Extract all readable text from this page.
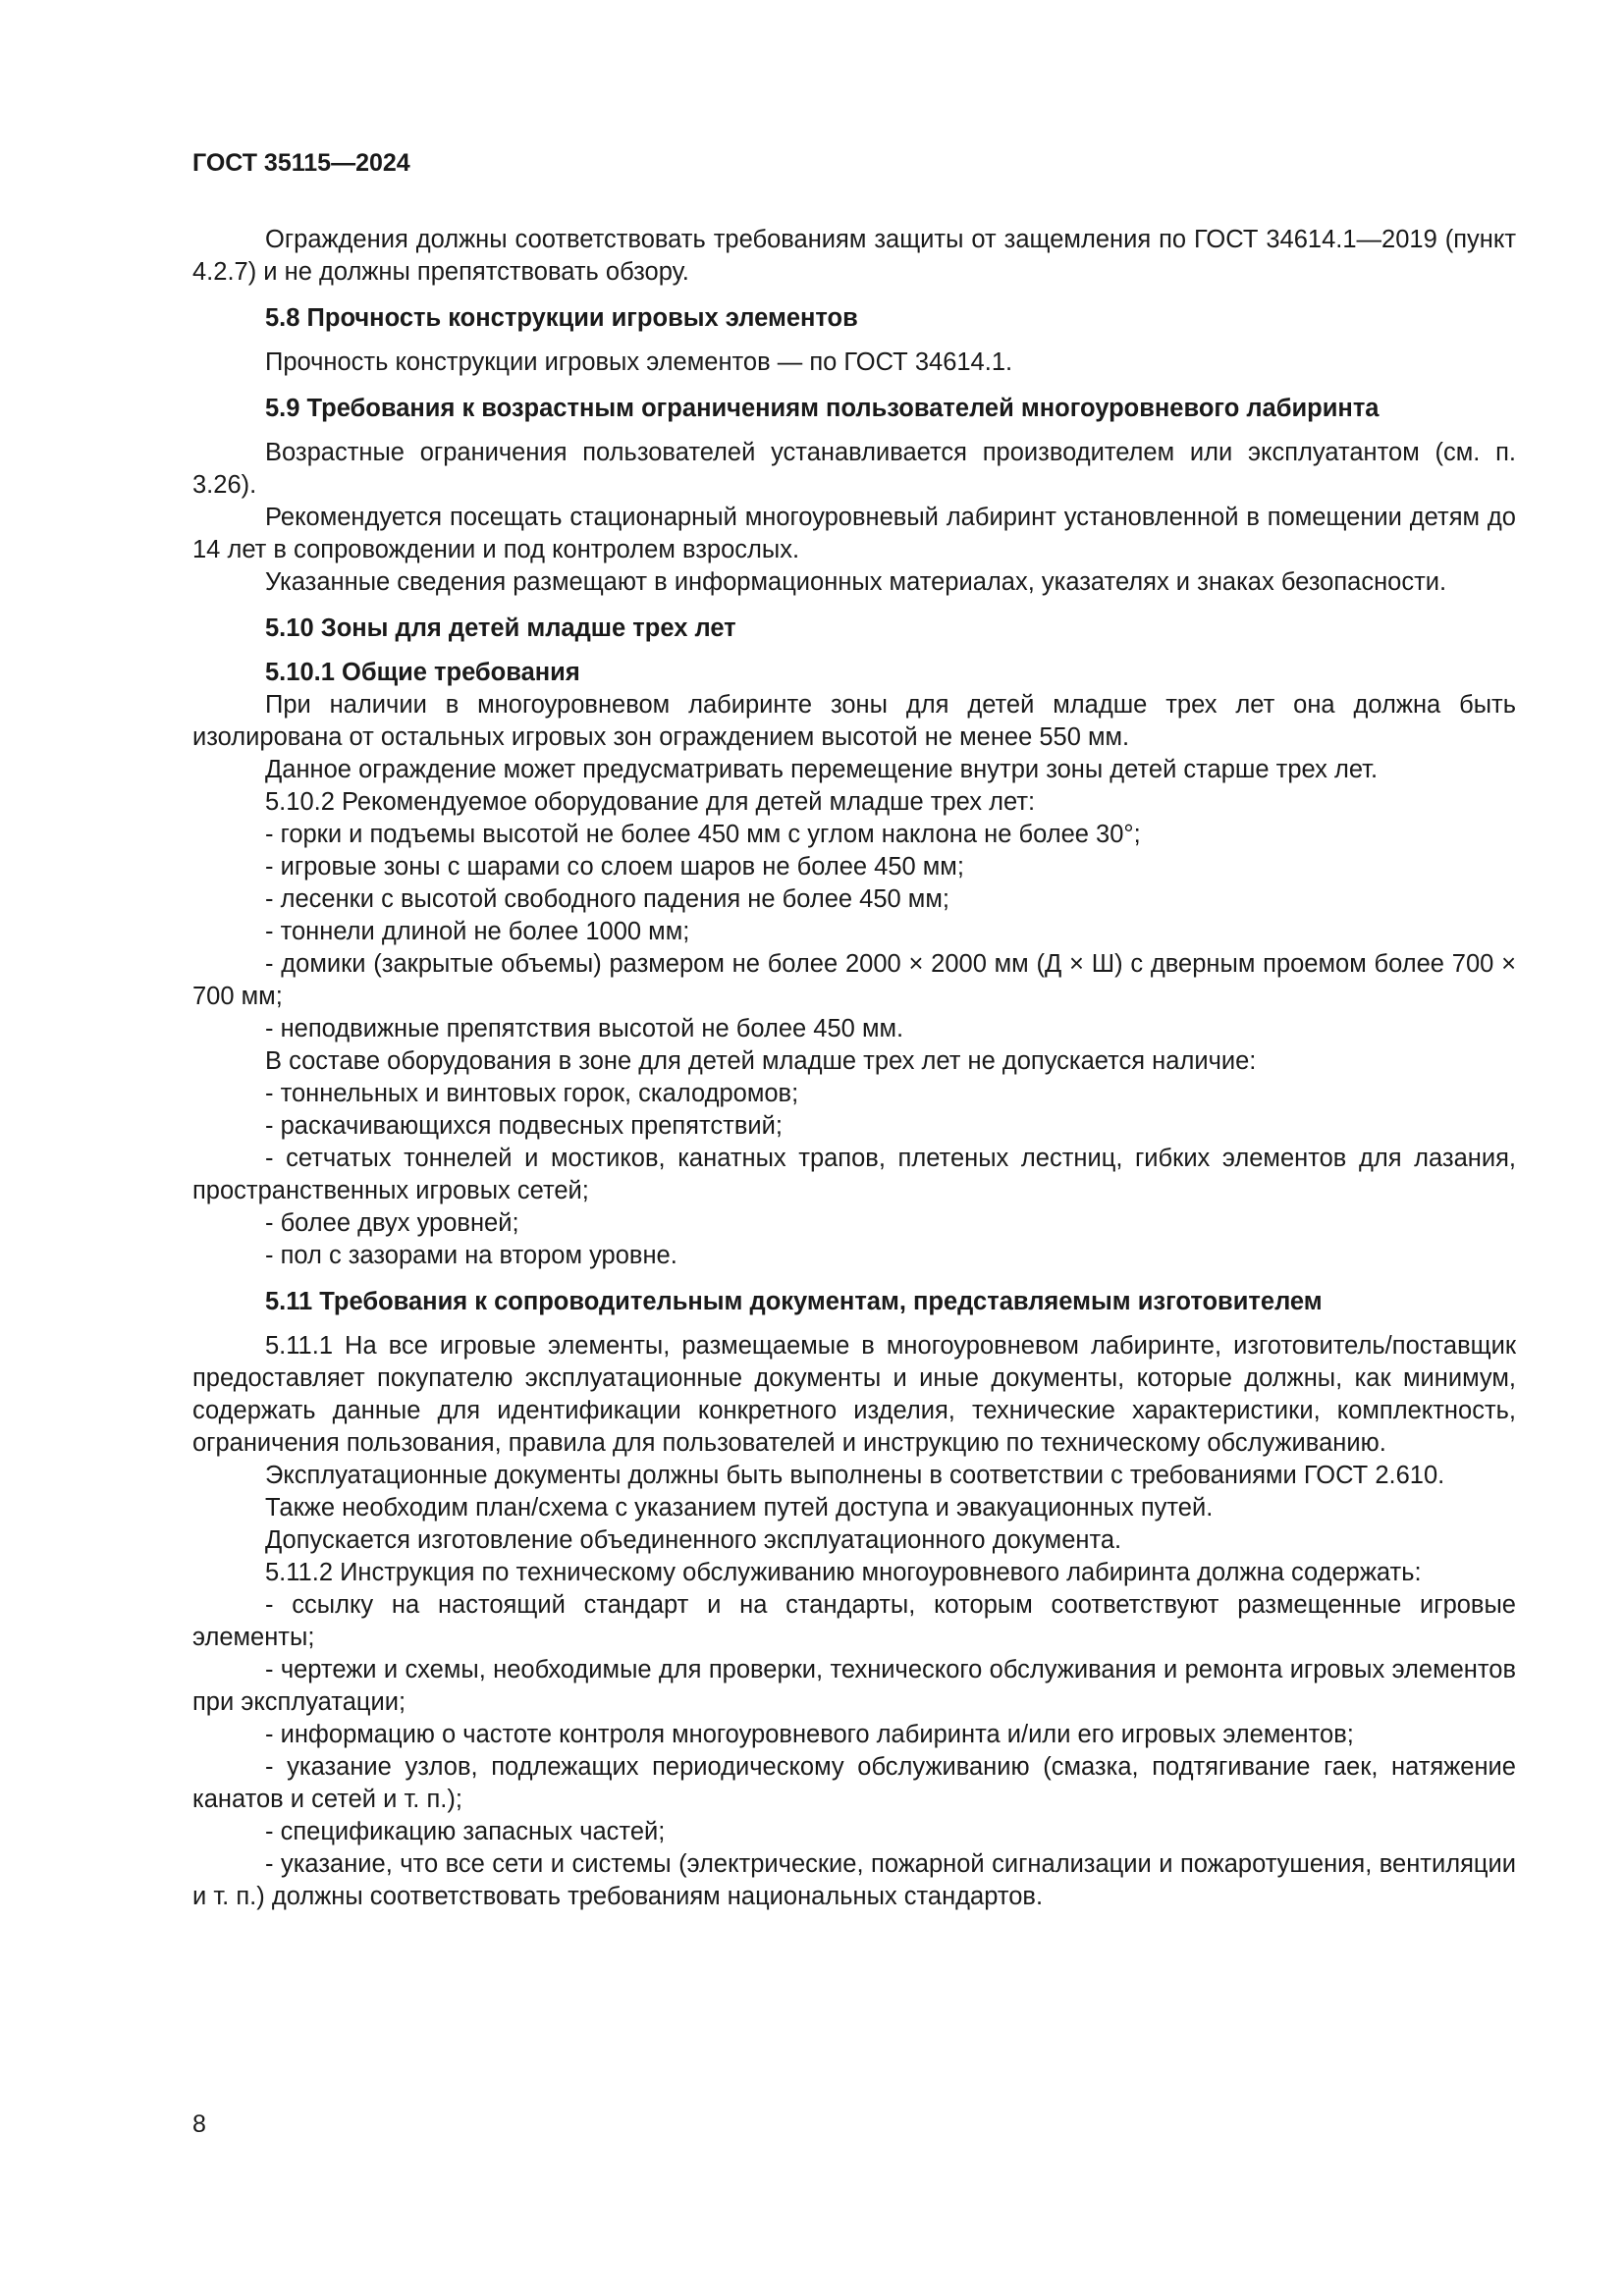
ГОСТ 35115—2024

Ограждения должны соответствовать требованиям защиты от защемления по ГОСТ 34614.1—2019 (пункт 4.2.7) и не должны препятствовать обзору.

5.8 Прочность конструкции игровых элементов

Прочность конструкции игровых элементов — по ГОСТ 34614.1.

5.9 Требования к возрастным ограничениям пользователей многоуровневого лабиринта

Возрастные ограничения пользователей устанавливается производителем или эксплуатантом (см. п. 3.26).

Рекомендуется посещать стационарный многоуровневый лабиринт установленной в помещении детям до 14 лет в сопровождении и под контролем взрослых.

Указанные сведения размещают в информационных материалах, указателях и знаках безопасности.

5.10 Зоны для детей младше трех лет
5.10.1 Общие требования

При наличии в многоуровневом лабиринте зоны для детей младше трех лет она должна быть изолирована от остальных игровых зон ограждением высотой не менее 550 мм.

Данное ограждение может предусматривать перемещение внутри зоны детей старше трех лет.

5.10.2 Рекомендуемое оборудование для детей младше трех лет:

- горки и подъемы высотой не более 450 мм с углом наклона не более 30°;

- игровые зоны с шарами со слоем шаров не более 450 мм;

- лесенки с высотой свободного падения не более 450 мм;

- тоннели длиной не более 1000 мм;

- домики (закрытые объемы) размером не более 2000 × 2000 мм (Д × Ш) с дверным проемом более 700 × 700 мм;

- неподвижные препятствия высотой не более 450 мм.

В составе оборудования в зоне для детей младше трех лет не допускается наличие:

- тоннельных и винтовых горок, скалодромов;

- раскачивающихся подвесных препятствий;

- сетчатых тоннелей и мостиков, канатных трапов, плетеных лестниц, гибких элементов для лазания, пространственных игровых сетей;

- более двух уровней;

- пол с зазорами на втором уровне.

5.11 Требования к сопроводительным документам, представляемым изготовителем

5.11.1 На все игровые элементы, размещаемые в многоуровневом лабиринте, изготовитель/поставщик предоставляет покупателю эксплуатационные документы и иные документы, которые должны, как минимум, содержать данные для идентификации конкретного изделия, технические характеристики, комплектность, ограничения пользования, правила для пользователей и инструкцию по техническому обслуживанию.

Эксплуатационные документы должны быть выполнены в соответствии с требованиями ГОСТ 2.610.

Также необходим план/схема с указанием путей доступа и эвакуационных путей.

Допускается изготовление объединенного эксплуатационного документа.

5.11.2 Инструкция по техническому обслуживанию многоуровневого лабиринта должна содержать:

- ссылку на настоящий стандарт и на стандарты, которым соответствуют размещенные игровые элементы;

- чертежи и схемы, необходимые для проверки, технического обслуживания и ремонта игровых элементов при эксплуатации;

- информацию о частоте контроля многоуровневого лабиринта и/или его игровых элементов;

- указание узлов, подлежащих периодическому обслуживанию (смазка, подтягивание гаек, натяжение канатов и сетей и т. п.);

- спецификацию запасных частей;

- указание, что все сети и системы (электрические, пожарной сигнализации и пожаротушения, вентиляции и т. п.) должны соответствовать требованиям национальных стандартов.

8
